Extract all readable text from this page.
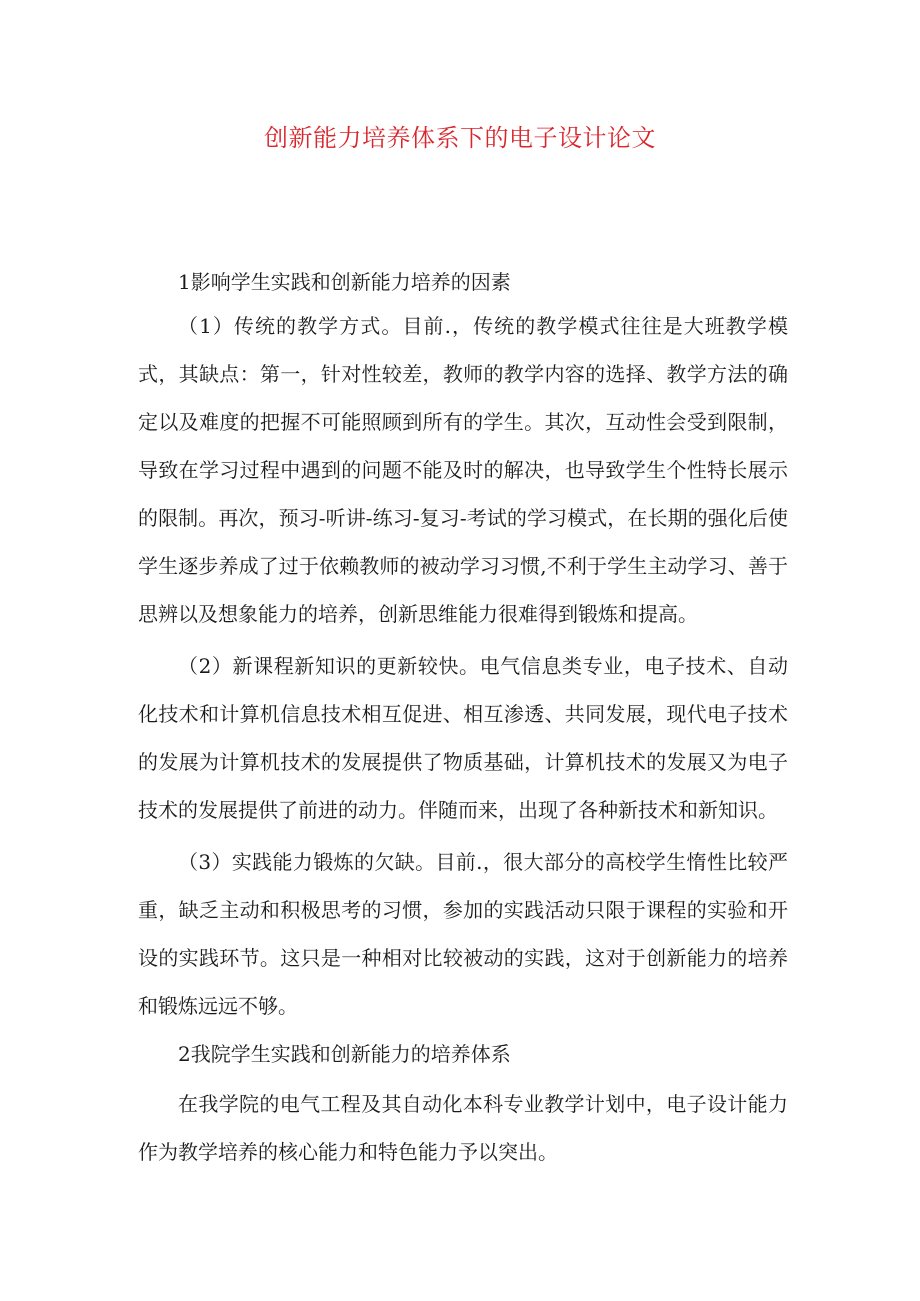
创新能力培养体系下的电子设计论文

1影响学生实践和创新能力培养的因素

（1）传统的教学方式。目前.，传统的教学模式往往是大班教学模式，其缺点：第一，针对性较差，教师的教学内容的选择、教学方法的确定以及难度的把握不可能照顾到所有的学生。其次，互动性会受到限制，导致在学习过程中遇到的问题不能及时的解决，也导致学生个性特长展示的限制。再次，预习-听讲-练习-复习-考试的学习模式，在长期的强化后使学生逐步养成了过于依赖教师的被动学习习惯,不利于学生主动学习、善于思辨以及想象能力的培养，创新思维能力很难得到锻炼和提高。

（2）新课程新知识的更新较快。电气信息类专业，电子技术、自动化技术和计算机信息技术相互促进、相互渗透、共同发展，现代电子技术的发展为计算机技术的发展提供了物质基础，计算机技术的发展又为电子技术的发展提供了前进的动力。伴随而来，出现了各种新技术和新知识。

（3）实践能力锻炼的欠缺。目前.，很大部分的高校学生惰性比较严重，缺乏主动和积极思考的习惯，参加的实践活动只限于课程的实验和开设的实践环节。这只是一种相对比较被动的实践，这对于创新能力的培养和锻炼远远不够。

2我院学生实践和创新能力的培养体系

在我学院的电气工程及其自动化本科专业教学计划中，电子设计能力作为教学培养的核心能力和特色能力予以突出。
